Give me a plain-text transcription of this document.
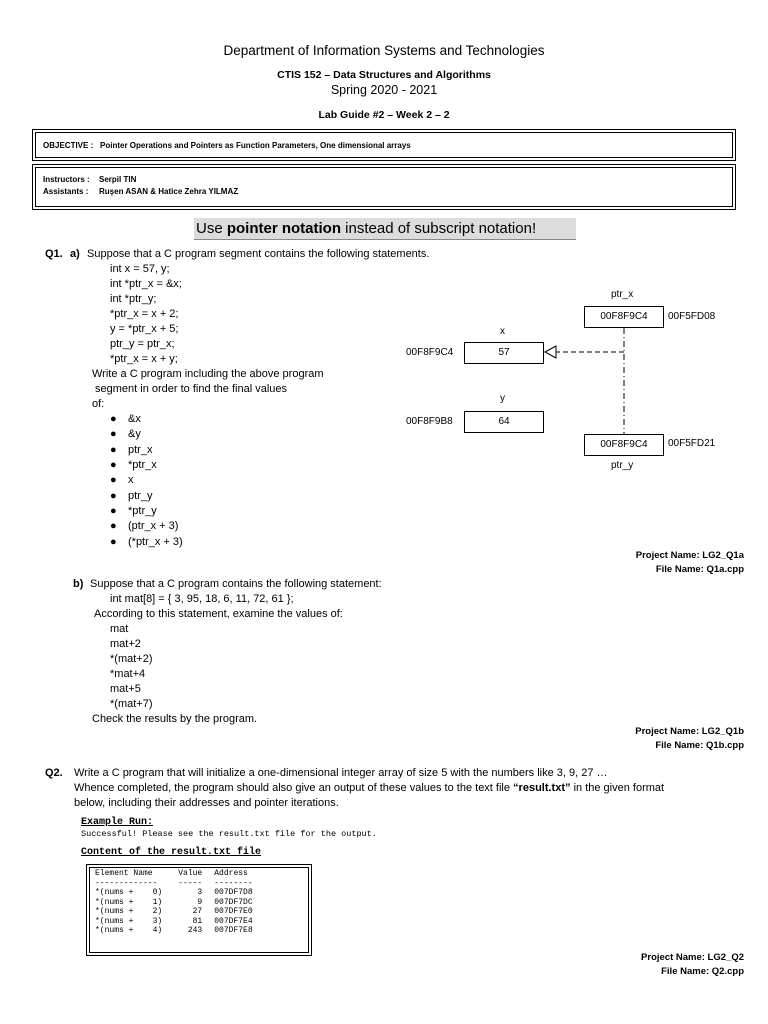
Department of Information Systems and Technologies
CTIS 152 – Data Structures and Algorithms
Spring 2020 - 2021
Lab Guide #2 – Week 2 – 2
OBJECTIVE : Pointer Operations and Pointers as Function Parameters, One dimensional arrays
Instructors : Serpil TIN
Assistants : Ruşen ASAN & Hatice Zehra YILMAZ
Use pointer notation instead of subscript notation!
Q1. a) Suppose that a C program segment contains the following statements.
int x = 57, y;
int *ptr_x = &x;
int *ptr_y;
*ptr_x = x + 2;
y = *ptr_x + 5;
ptr_y = ptr_x;
*ptr_x = x + y;
Write a C program including the above program
segment in order to find the final values
of:
● &x
● &y
● ptr_x
● *ptr_x
● x
● ptr_y
● *ptr_y
● (ptr_x + 3)
● (*ptr_x + 3)
ptr_x
00F8F9C4	00F5FD08
x
00F8F9C4	57
y
00F8F9B8	64
00F8F9C4	00F5FD21
ptr_y
Project Name: LG2_Q1a
File Name: Q1a.cpp
b) Suppose that a C program contains the following statement:
int mat[8] = { 3, 95, 18, 6, 11, 72, 61 };
According to this statement, examine the values of:
mat
mat+2
*(mat+2)
*mat+4
mat+5
*(mat+7)
Check the results by the program.
Project Name: LG2_Q1b
File Name: Q1b.cpp
Q2. Write a C program that will initialize a one-dimensional integer array of size 5 with the numbers like 3, 9, 27 …
Whence completed, the program should also give an output of these values to the text file “result.txt” in the given format
below, including their addresses and pointer iterations.
Example Run:
Successful! Please see the result.txt file for the output.
Content of the result.txt file
Element Name	Value	Address
-------------	-----	--------
*(nums +    0)	3	007DF7D8
*(nums +    1)	9	007DF7DC
*(nums +    2)	27	007DF7E0
*(nums +    3)	81	007DF7E4
*(nums +    4)	243	007DF7E8
Project Name: LG2_Q2
File Name: Q2.cpp
